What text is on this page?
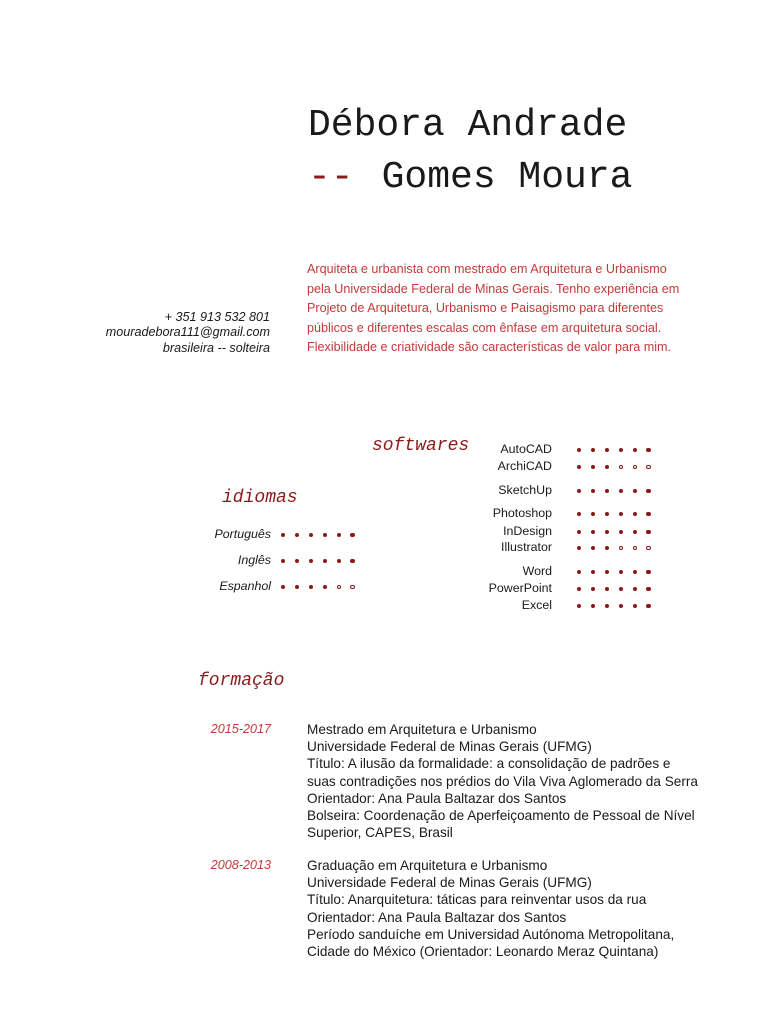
Débora Andrade
-- Gomes Moura
Arquiteta e urbanista com mestrado em Arquitetura e Urbanismo pela Universidade Federal de Minas Gerais. Tenho experiência em Projeto de Arquitetura, Urbanismo e Paisagismo para diferentes públicos e diferentes escalas com ênfase em arquitetura social. Flexibilidade e criatividade são características de valor para mim.
+ 351 913 532 801
mouradebora111@gmail.com
brasileira -- solteira
softwares	AutoCAD
ArchiCAD
SketchUp
Photoshop
InDesign
Illustrator
Word
PowerPoint
Excel
idiomas
Português
Inglês
Espanhol
formação
2015-2017	Mestrado em Arquitetura e Urbanismo
Universidade Federal de Minas Gerais (UFMG)
Título: A ilusão da formalidade: a consolidação de padrões e
suas contradições nos prédios do Vila Viva Aglomerado da Serra
Orientador: Ana Paula Baltazar dos Santos
Bolseira: Coordenação de Aperfeiçoamento de Pessoal de Nível
Superior, CAPES, Brasil
2008-2013	Graduação em Arquitetura e Urbanismo
Universidade Federal de Minas Gerais (UFMG)
Título: Anarquitetura: táticas para reinventar usos da rua
Orientador: Ana Paula Baltazar dos Santos
Período sanduíche em Universidad Autónoma Metropolitana,
Cidade do México (Orientador: Leonardo Meraz Quintana)
